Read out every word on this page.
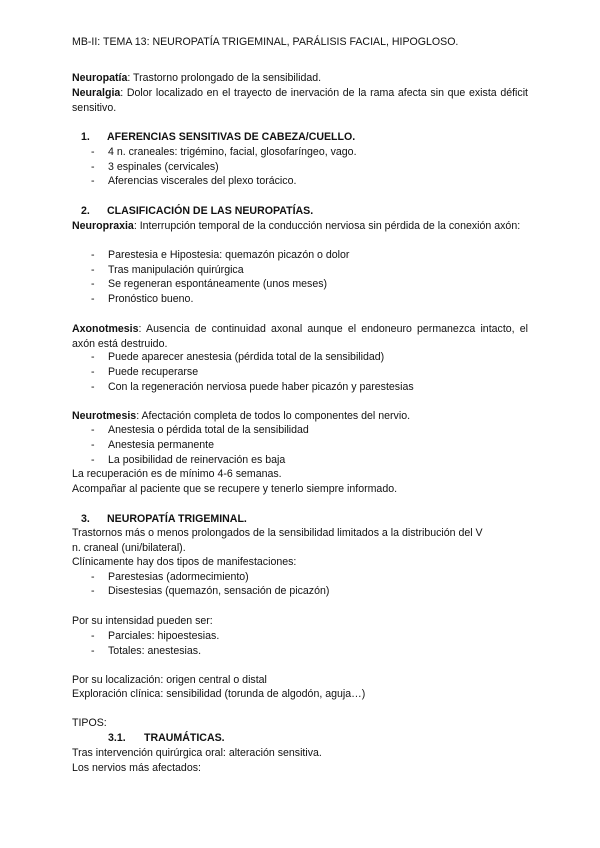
MB-II: TEMA 13: NEUROPATÍA TRIGEMINAL, PARÁLISIS FACIAL, HIPOGLOSO.
Neuropatía: Trastorno prolongado de la sensibilidad.
Neuralgia: Dolor localizado en el trayecto de inervación de la rama afecta sin que exista déficit sensitivo.
1. AFERENCIAS SENSITIVAS DE CABEZA/CUELLO.
- 4 n. craneales: trigémino, facial, glosofaríngeo, vago.
- 3 espinales (cervicales)
- Aferencias viscerales del plexo torácico.
2. CLASIFICACIÓN DE LAS NEUROPATÍAS.
Neuropraxia: Interrupción temporal de la conducción nerviosa sin pérdida de la conexión axón:
- Parestesia e Hipostesia: quemazón picazón o dolor
- Tras manipulación quirúrgica
- Se regeneran espontáneamente (unos meses)
- Pronóstico bueno.
Axonotmesis: Ausencia de continuidad axonal aunque el endoneuro permanezca intacto, el axón está destruido.
- Puede aparecer anestesia (pérdida total de la sensibilidad)
- Puede recuperarse
- Con la regeneración nerviosa puede haber picazón y parestesias
Neurotmesis: Afectación completa de todos lo componentes del nervio.
- Anestesia o pérdida total de la sensibilidad
- Anestesia permanente
- La posibilidad de reinervación es baja
La recuperación es de mínimo 4-6 semanas.
Acompañar al paciente que se recupere y tenerlo siempre informado.
3. NEUROPATÍA TRIGEMINAL.
Trastornos más o menos prolongados de la sensibilidad limitados a la distribución del V
n. craneal (uni/bilateral).
Clínicamente hay dos tipos de manifestaciones:
- Parestesias (adormecimiento)
- Disestesias (quemazón, sensación de picazón)
Por su intensidad pueden ser:
- Parciales: hipoestesias.
- Totales: anestesias.
Por su localización: origen central o distal
Exploración clínica: sensibilidad (torunda de algodón, aguja…)
TIPOS:
3.1. TRAUMÁTICAS.
Tras intervención quirúrgica oral: alteración sensitiva.
Los nervios más afectados:
